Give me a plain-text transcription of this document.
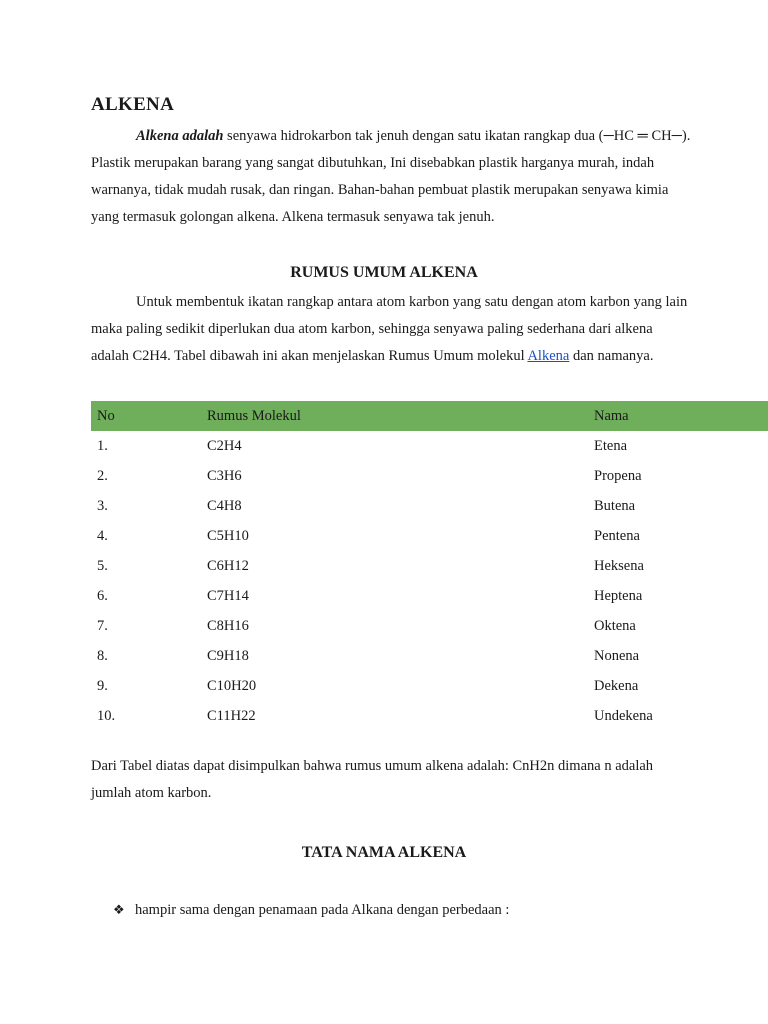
ALKENA

Alkena adalah senyawa hidrokarbon tak jenuh dengan satu ikatan rangkap dua (─HC ═ CH─). Plastik merupakan barang yang sangat dibutuhkan, Ini disebabkan plastik harganya murah, indah warnanya, tidak mudah rusak, dan ringan. Bahan-bahan pembuat plastik merupakan senyawa kimia yang termasuk golongan alkena. Alkena termasuk senyawa tak jenuh.

RUMUS UMUM ALKENA

Untuk membentuk ikatan rangkap antara atom karbon yang satu dengan atom karbon yang lain maka paling sedikit diperlukan dua atom karbon, sehingga senyawa paling sederhana dari alkena adalah C2H4. Tabel dibawah ini akan menjelaskan Rumus Umum molekul Alkena dan namanya.

No	Rumus Molekul	Nama
1.	C2H4	Etena
2.	C3H6	Propena
3.	C4H8	Butena
4.	C5H10	Pentena
5.	C6H12	Heksena
6.	C7H14	Heptena
7.	C8H16	Oktena
8.	C9H18	Nonena
9.	C10H20	Dekena
10.	C11H22	Undekena

Dari Tabel diatas dapat disimpulkan bahwa rumus umum alkena adalah: CnH2n dimana n adalah jumlah atom karbon.

TATA NAMA ALKENA
❖ hampir sama dengan penamaan pada Alkana dengan perbedaan :
